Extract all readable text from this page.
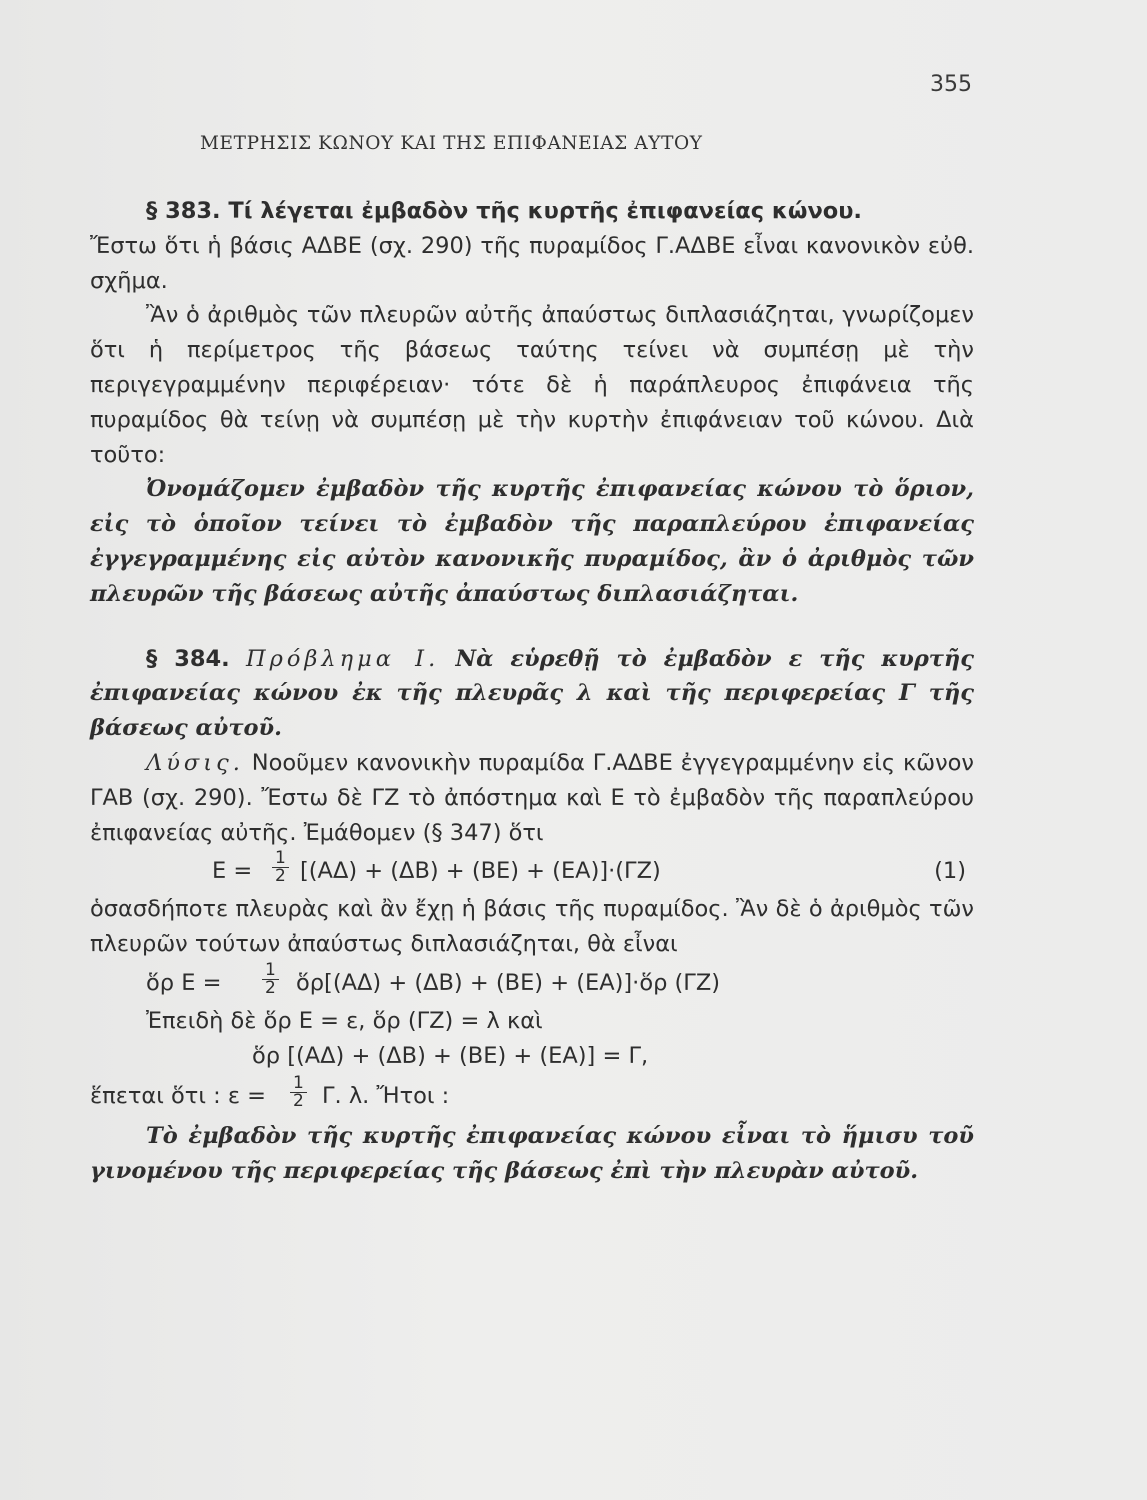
355
ΜΕΤΡΗΣΙΣ ΚΩΝΟΥ ΚΑΙ ΤΗΣ ΕΠΙΦΑΝΕΙΑΣ ΑΥΤΟΥ

§ 383. Τί λέγεται ἐμβαδὸν τῆς κυρτῆς ἐπιφανείας κώνου.

Ἔστω ὅτι ἡ βάσις ΑΔΒΕ (σχ. 290) τῆς πυραμίδος Γ.ΑΔΒΕ εἶναι κανονικὸν εὐθ. σχῆμα.

Ἂν ὁ ἀριθμὸς τῶν πλευρῶν αὐτῆς ἀπαύστως διπλασιάζηται, γνωρίζομεν ὅτι ἡ περίμετρος τῆς βάσεως ταύτης τείνει νὰ συμπέσῃ μὲ τὴν περιγεγραμμένην περιφέρειαν· τότε δὲ ἡ παράπλευρος ἐπιφάνεια τῆς πυραμίδος θὰ τείνῃ νὰ συμπέσῃ μὲ τὴν κυρτὴν ἐπιφάνειαν τοῦ κώνου. Διὰ τοῦτο:

Ὀνομάζομεν ἐμβαδὸν τῆς κυρτῆς ἐπιφανείας κώνου τὸ ὅριον, εἰς τὸ ὁποῖον τείνει τὸ ἐμβαδὸν τῆς παραπλεύρου ἐπιφανείας ἐγγεγραμμένης εἰς αὐτὸν κανονικῆς πυραμίδος, ἂν ὁ ἀριθμὸς τῶν πλευρῶν τῆς βάσεως αὐτῆς ἀπαύστως διπλασιάζηται.

§ 384. Πρόβλημα Ι. Νὰ εὑρεθῇ τὸ ἐμβαδὸν ε τῆς κυρτῆς ἐπιφανείας κώνου ἐκ τῆς πλευρᾶς λ καὶ τῆς περιφερείας Γ τῆς βάσεως αὐτοῦ.

Λύσις. Νοοῦμεν κανονικὴν πυραμίδα Γ.ΑΔΒΕ ἐγγεγραμμένην εἰς κῶνον ΓΑΒ (σχ. 290). Ἔστω δὲ ΓΖ τὸ ἀπόστημα καὶ Ε τὸ ἐμβαδὸν τῆς παραπλεύρου ἐπιφανείας αὐτῆς. Ἐμάθομεν (§ 347) ὅτι

$E = \frac{1}{2} [(A\Delta) + (\Delta B) + (BE) + (EA)]\cdot(\Gamma Z)$	(1)

ὁσασδήποτε πλευρὰς καὶ ἂν ἔχῃ ἡ βάσις τῆς πυραμίδος. Ἂν δὲ ὁ ἀριθμὸς τῶν πλευρῶν τούτων ἀπαύστως διπλασιάζηται, θὰ εἶναι

ὅρ $E = \frac{1}{2}$ ὅρ[(ΑΔ) + (ΔΒ) + (ΒΕ) + (ΕΑ)]·ὅρ (ΓΖ)

Ἐπειδὴ δὲ ὅρ Ε = ε, ὅρ (ΓΖ) = λ καὶ

ὅρ [(ΑΔ) + (ΔΒ) + (ΒΕ) + (ΕΑ)] = Γ,
ἕπεται ὅτι : $\varepsilon = \frac{1}{2} \Gamma$. λ. Ἤτοι :

Τὸ ἐμβαδὸν τῆς κυρτῆς ἐπιφανείας κώνου εἶναι τὸ ἥμισυ τοῦ γινομένου τῆς περιφερείας τῆς βάσεως ἐπὶ τὴν πλευρὰν αὐτοῦ.
